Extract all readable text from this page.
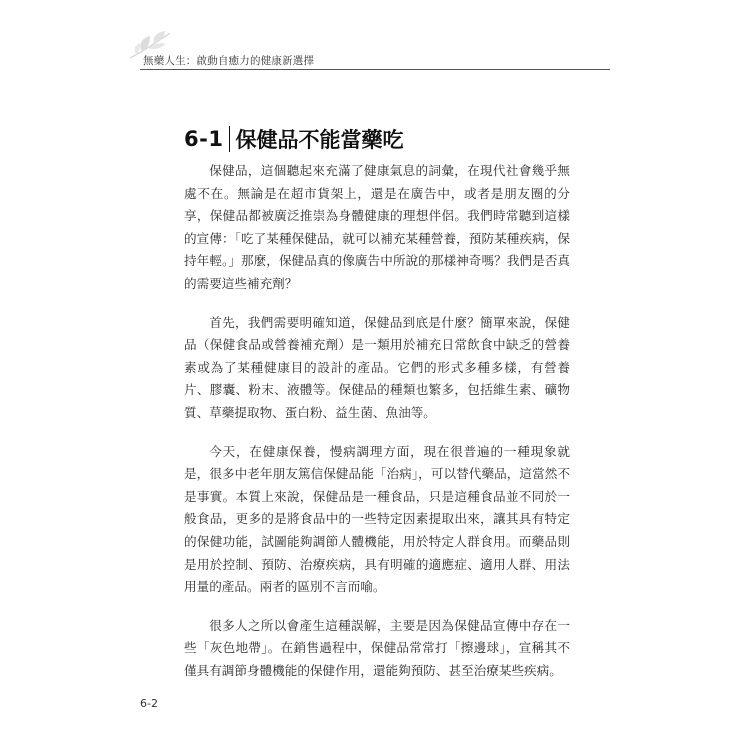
無藥人生：啟動自癒力的健康新選擇
6-1 保健品不能當藥吃

保健品，這個聽起來充滿了健康氣息的詞彙，在現代社會幾乎無處不在。無論是在超市貨架上，還是在廣告中，或者是朋友圈的分享，保健品都被廣泛推崇為身體健康的理想伴侶。我們時常聽到這樣的宣傳：「吃了某種保健品，就可以補充某種營養，預防某種疾病，保持年輕。」那麼，保健品真的像廣告中所說的那樣神奇嗎？我們是否真的需要這些補充劑？

首先，我們需要明確知道，保健品到底是什麼？簡單來說，保健品（保健食品或營養補充劑）是一類用於補充日常飲食中缺乏的營養素或為了某種健康目的設計的產品。它們的形式多種多樣，有營養片、膠囊、粉末、液體等。保健品的種類也繁多，包括維生素、礦物質、草藥提取物、蛋白粉、益生菌、魚油等。

今天，在健康保養，慢病調理方面，現在很普遍的一種現象就是，很多中老年朋友篤信保健品能「治病」，可以替代藥品，這當然不是事實。本質上來說，保健品是一種食品，只是這種食品並不同於一般食品，更多的是將食品中的一些特定因素提取出來，讓其具有特定的保健功能，試圖能夠調節人體機能，用於特定人群食用。而藥品則是用於控制、預防、治療疾病，具有明確的適應症、適用人群、用法用量的產品。兩者的區別不言而喻。

很多人之所以會產生這種誤解，主要是因為保健品宣傳中存在一些「灰色地帶」。在銷售過程中，保健品常常打「擦邊球」，宣稱其不僅具有調節身體機能的保健作用，還能夠預防、甚至治療某些疾病。

6-2
